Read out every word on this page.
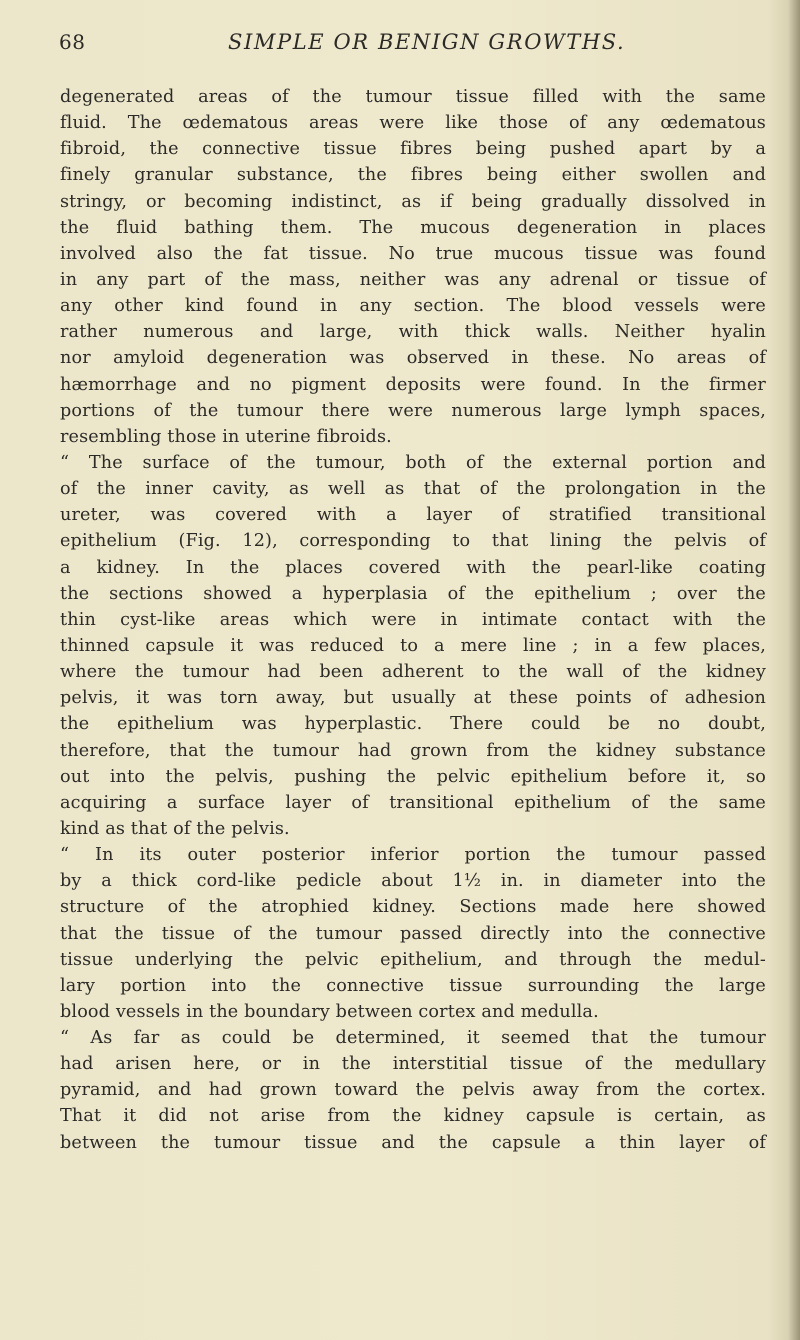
68	SIMPLE OR BENIGN GROWTHS.
degenerated areas of the tumour tissue filled with the same
fluid. The œdematous areas were like those of any œdematous
fibroid, the connective tissue fibres being pushed apart by a
finely granular substance, the fibres being either swollen and
stringy, or becoming indistinct, as if being gradually dissolved in
the fluid bathing them. The mucous degeneration in places
involved also the fat tissue. No true mucous tissue was found
in any part of the mass, neither was any adrenal or tissue of
any other kind found in any section. The blood vessels were
rather numerous and large, with thick walls. Neither hyalin
nor amyloid degeneration was observed in these. No areas of
hæmorrhage and no pigment deposits were found. In the firmer
portions of the tumour there were numerous large lymph spaces,
resembling those in uterine fibroids.
“ The surface of the tumour, both of the external portion and
of the inner cavity, as well as that of the prolongation in the
ureter, was covered with a layer of stratified transitional
epithelium (Fig. 12), corresponding to that lining the pelvis of
a kidney. In the places covered with the pearl-like coating
the sections showed a hyperplasia of the epithelium ; over the
thin cyst-like areas which were in intimate contact with the
thinned capsule it was reduced to a mere line ; in a few places,
where the tumour had been adherent to the wall of the kidney
pelvis, it was torn away, but usually at these points of adhesion
the epithelium was hyperplastic. There could be no doubt,
therefore, that the tumour had grown from the kidney substance
out into the pelvis, pushing the pelvic epithelium before it, so
acquiring a surface layer of transitional epithelium of the same
kind as that of the pelvis.
“ In its outer posterior inferior portion the tumour passed
by a thick cord-like pedicle about 1½ in. in diameter into the
structure of the atrophied kidney. Sections made here showed
that the tissue of the tumour passed directly into the connective
tissue underlying the pelvic epithelium, and through the medul-
lary portion into the connective tissue surrounding the large
blood vessels in the boundary between cortex and medulla.
“ As far as could be determined, it seemed that the tumour
had arisen here, or in the interstitial tissue of the medullary
pyramid, and had grown toward the pelvis away from the cortex.
That it did not arise from the kidney capsule is certain, as
between the tumour tissue and the capsule a thin layer of
